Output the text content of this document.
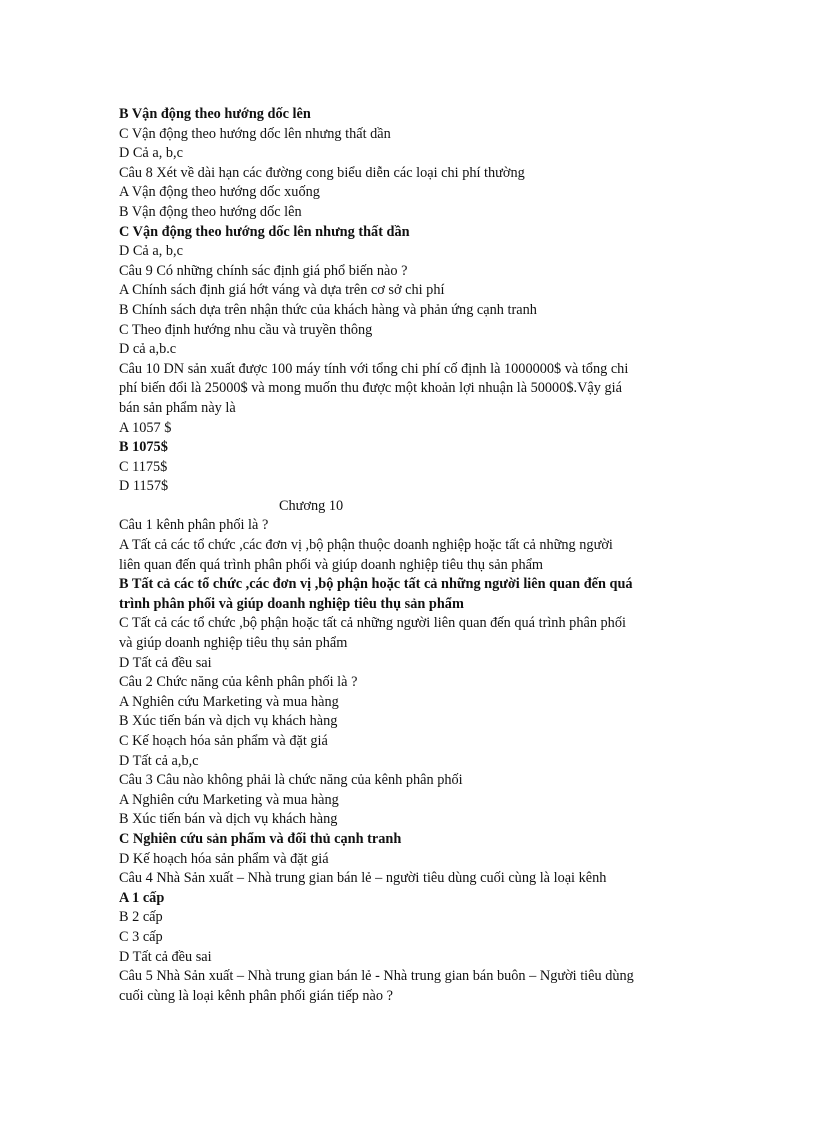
B Vận động theo hướng dốc lên
C Vận động theo hướng dốc lên nhưng thất dần
D Cả a, b,c
Câu 8 Xét về dài hạn các đường cong biểu diễn các loại chi phí thường
A Vận động theo hướng dốc xuống
B Vận động theo hướng dốc lên
C Vận động theo hướng dốc lên nhưng thất dần
D Cả a, b,c
Câu 9 Có những chính sác định giá phổ biến nào ?
A Chính sách định giá hớt váng và dựa trên cơ sở chi phí
B Chính sách dựa trên nhận thức của khách hàng và phản ứng cạnh tranh
C Theo định hướng nhu cầu và truyền thông
D cả a,b.c
Câu 10 DN sản xuất được 100 máy tính với tổng chi phí cố định là 1000000$ và tổng chi
phí biến đổi là 25000$ và mong muốn thu được một khoản lợi nhuận là 50000$.Vậy giá
bán sản phẩm này là
A 1057 $
B 1075$
C 1175$
D 1157$
Chương 10
Câu 1 kênh phân phối là ?
A Tất cả các tổ chức ,các đơn vị ,bộ phận thuộc doanh nghiệp hoặc tất cả những người
liên quan đến quá trình phân phối và giúp doanh nghiệp tiêu thụ sản phẩm
B Tất cả các tổ chức ,các đơn vị ,bộ phận hoặc tất cả những người liên quan đến quá
trình phân phối và giúp doanh nghiệp tiêu thụ sản phẩm
C Tất cả các tổ chức ,bộ phận hoặc tất cả những người liên quan đến quá trình phân phối
và giúp doanh nghiệp tiêu thụ sản phẩm
D Tất cả đều sai
Câu 2 Chức năng của kênh phân phối là ?
A Nghiên cứu Marketing và mua hàng
B Xúc tiến bán và dịch vụ khách hàng
C Kế hoạch hóa sản phẩm và đặt giá
D Tất cả a,b,c
Câu 3 Câu nào không phải là chức năng của kênh phân phối
A Nghiên cứu Marketing và mua hàng
B Xúc tiến bán và dịch vụ khách hàng
C Nghiên cứu sản phẩm và đối thủ cạnh tranh
D Kế hoạch hóa sản phẩm và đặt giá
Câu 4 Nhà Sản xuất – Nhà trung gian bán lẻ – người tiêu dùng cuối cùng là loại kênh
A 1 cấp
B 2 cấp
C 3 cấp
D Tất cả đều sai
Câu 5 Nhà Sản xuất – Nhà trung gian bán lẻ - Nhà trung gian bán buôn – Người tiêu dùng
cuối cùng là loại kênh phân phối gián tiếp nào ?
